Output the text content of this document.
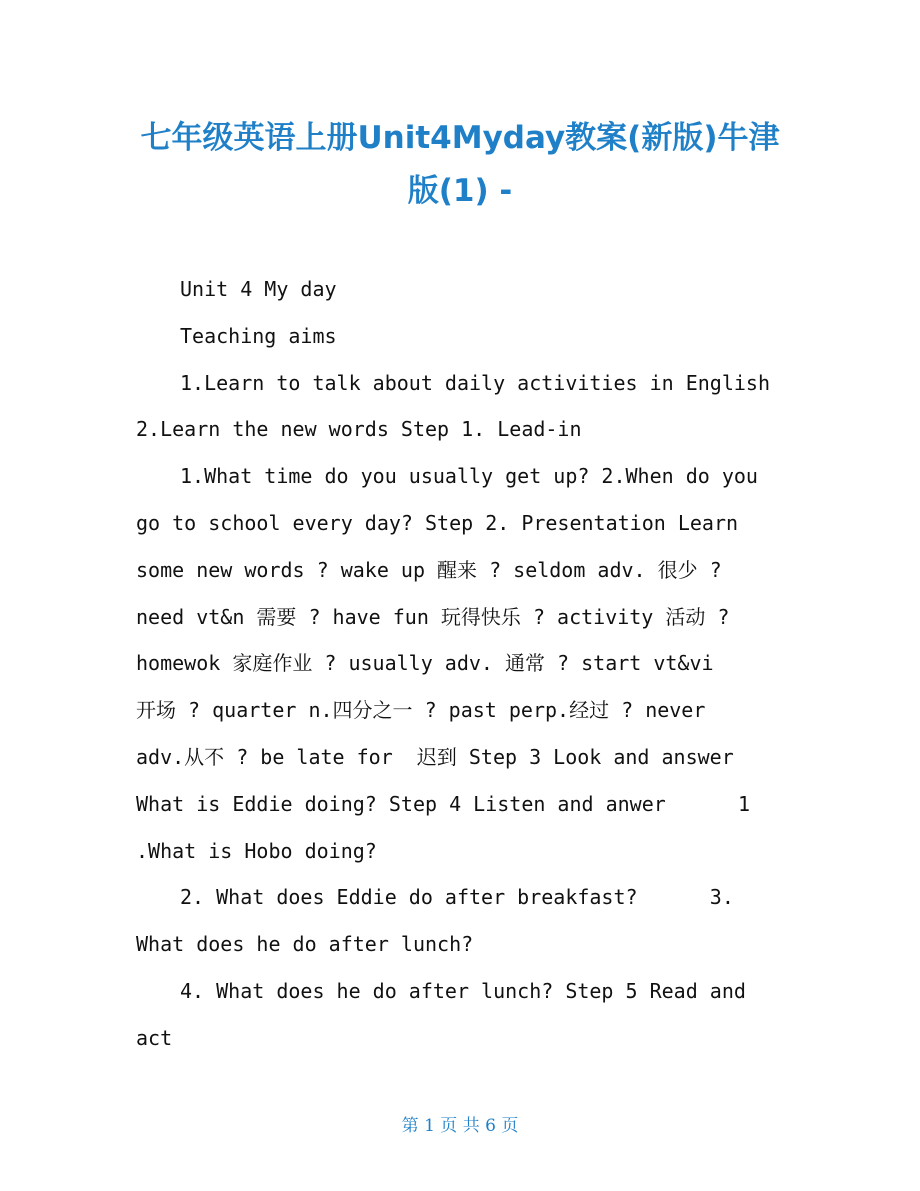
七年级英语上册Unit4Myday教案(新版)牛津
版(1) -
Unit 4 My day
Teaching aims
1.Learn to talk about daily activities in English
2.Learn the new words Step 1. Lead-in
1.What time do you usually get up? 2.When do you
go to school every day? Step 2. Presentation Learn
some new words ? wake up 醒来 ? seldom adv. 很少 ?
need vt&n 需要 ? have fun 玩得快乐 ? activity 活动 ?
homewok 家庭作业 ? usually adv. 通常 ? start vt&vi
开场 ? quarter n.四分之一 ? past perp.经过 ? never
adv.从不 ? be late for  迟到 Step 3 Look and answer
What is Eddie doing? Step 4 Listen and anwer      1
.What is Hobo doing?
2. What does Eddie do after breakfast?      3.
What does he do after lunch?
4. What does he do after lunch? Step 5 Read and
act
第 1 页 共 6 页
